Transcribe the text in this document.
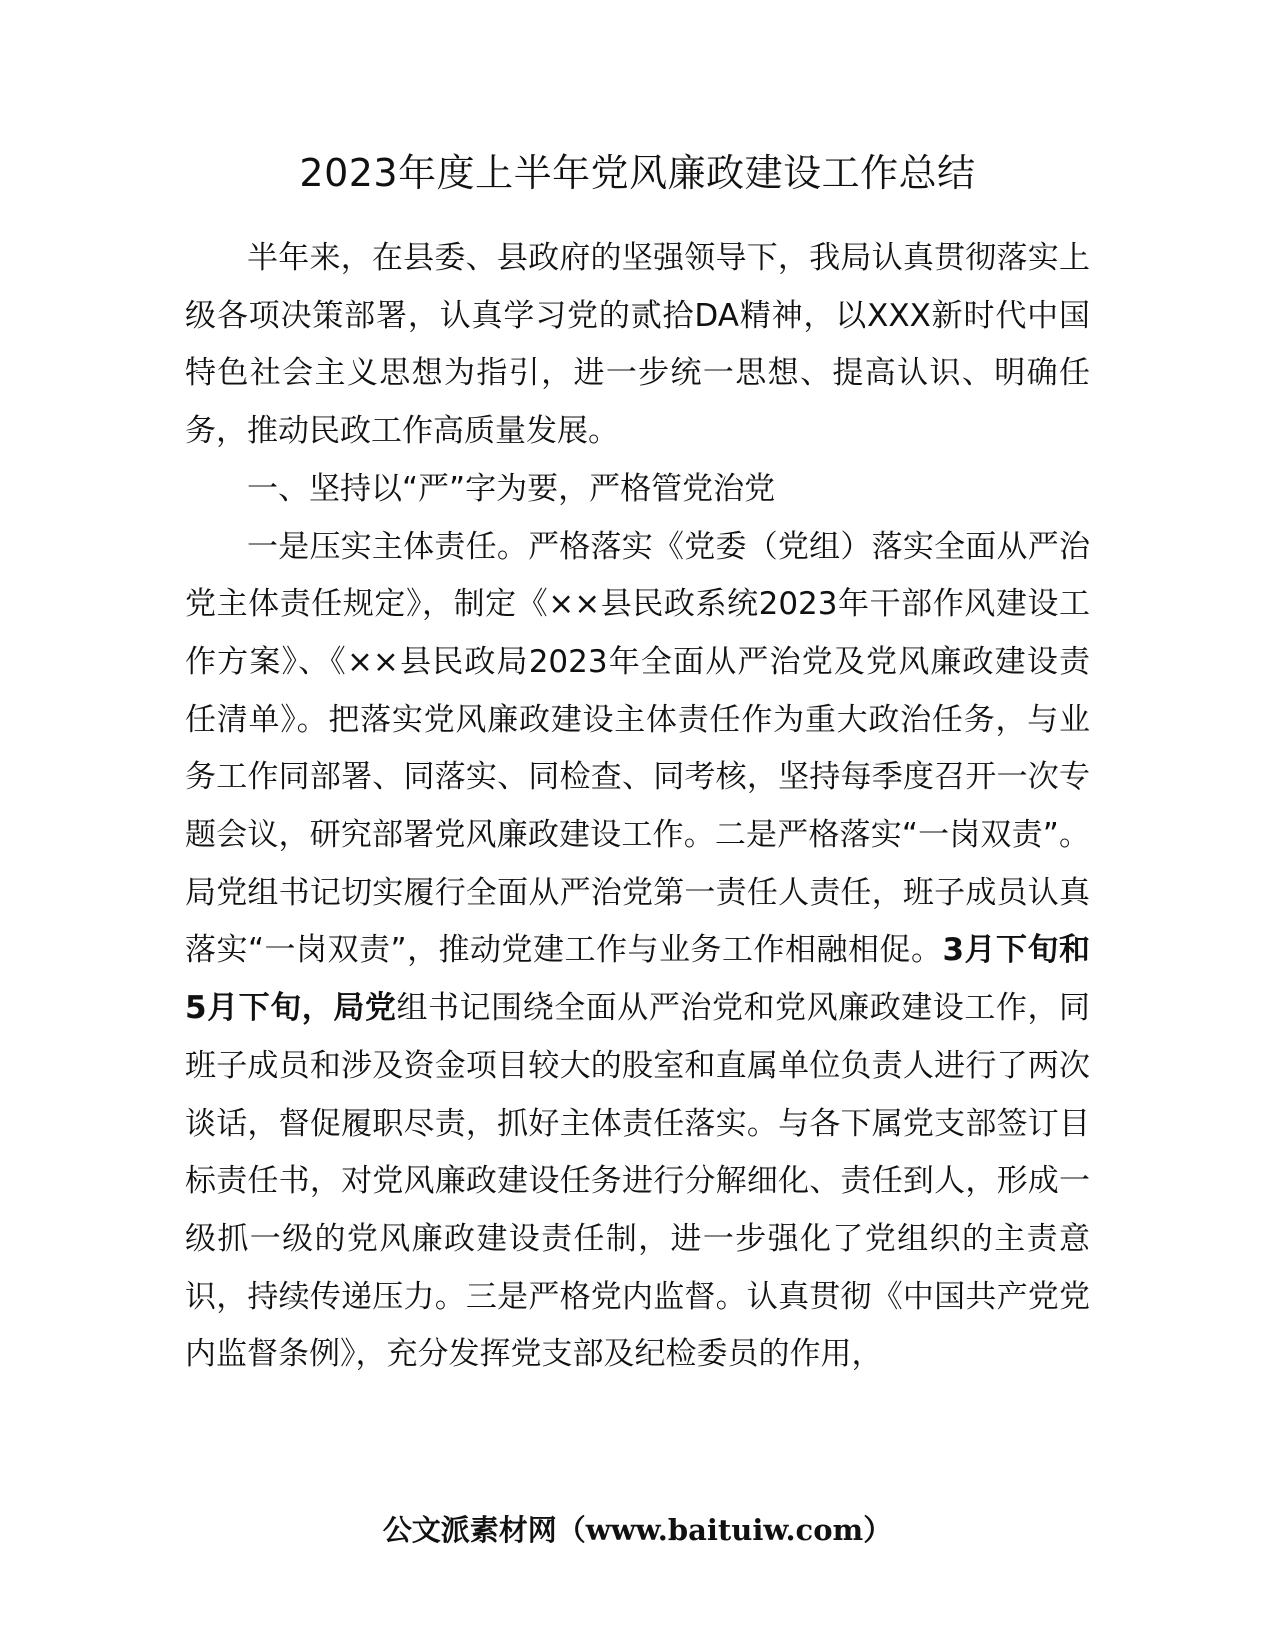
2023年度上半年党风廉政建设工作总结

半年来，在县委、县政府的坚强领导下，我局认真贯彻落实上级各项决策部署，认真学习党的贰拾DA精神，以XXX新时代中国特色社会主义思想为指引，进一步统一思想、提高认识、明确任务，推动民政工作高质量发展。

一、坚持以“严”字为要，严格管党治党

一是压实主体责任。严格落实《党委（党组）落实全面从严治党主体责任规定》，制定《××县民政系统2023年干部作风建设工作方案》、《××县民政局2023年全面从严治党及党风廉政建设责任清单》。把落实党风廉政建设主体责任作为重大政治任务，与业务工作同部署、同落实、同检查、同考核，坚持每季度召开一次专题会议，研究部署党风廉政建设工作。二是严格落实“一岗双责”。局党组书记切实履行全面从严治党第一责任人责任，班子成员认真落实“一岗双责”，推动党建工作与业务工作相融相促。3月下旬和5月下旬，局党组书记围绕全面从严治党和党风廉政建设工作，同班子成员和涉及资金项目较大的股室和直属单位负责人进行了两次谈话，督促履职尽责，抓好主体责任落实。与各下属党支部签订目标责任书，对党风廉政建设任务进行分解细化、责任到人，形成一级抓一级的党风廉政建设责任制，进一步强化了党组织的主责意识，持续传递压力。三是严格党内监督。认真贯彻《中国共产党党内监督条例》，充分发挥党支部及纪检委员的作用，

公文派素材网（www.baituiw.com）
